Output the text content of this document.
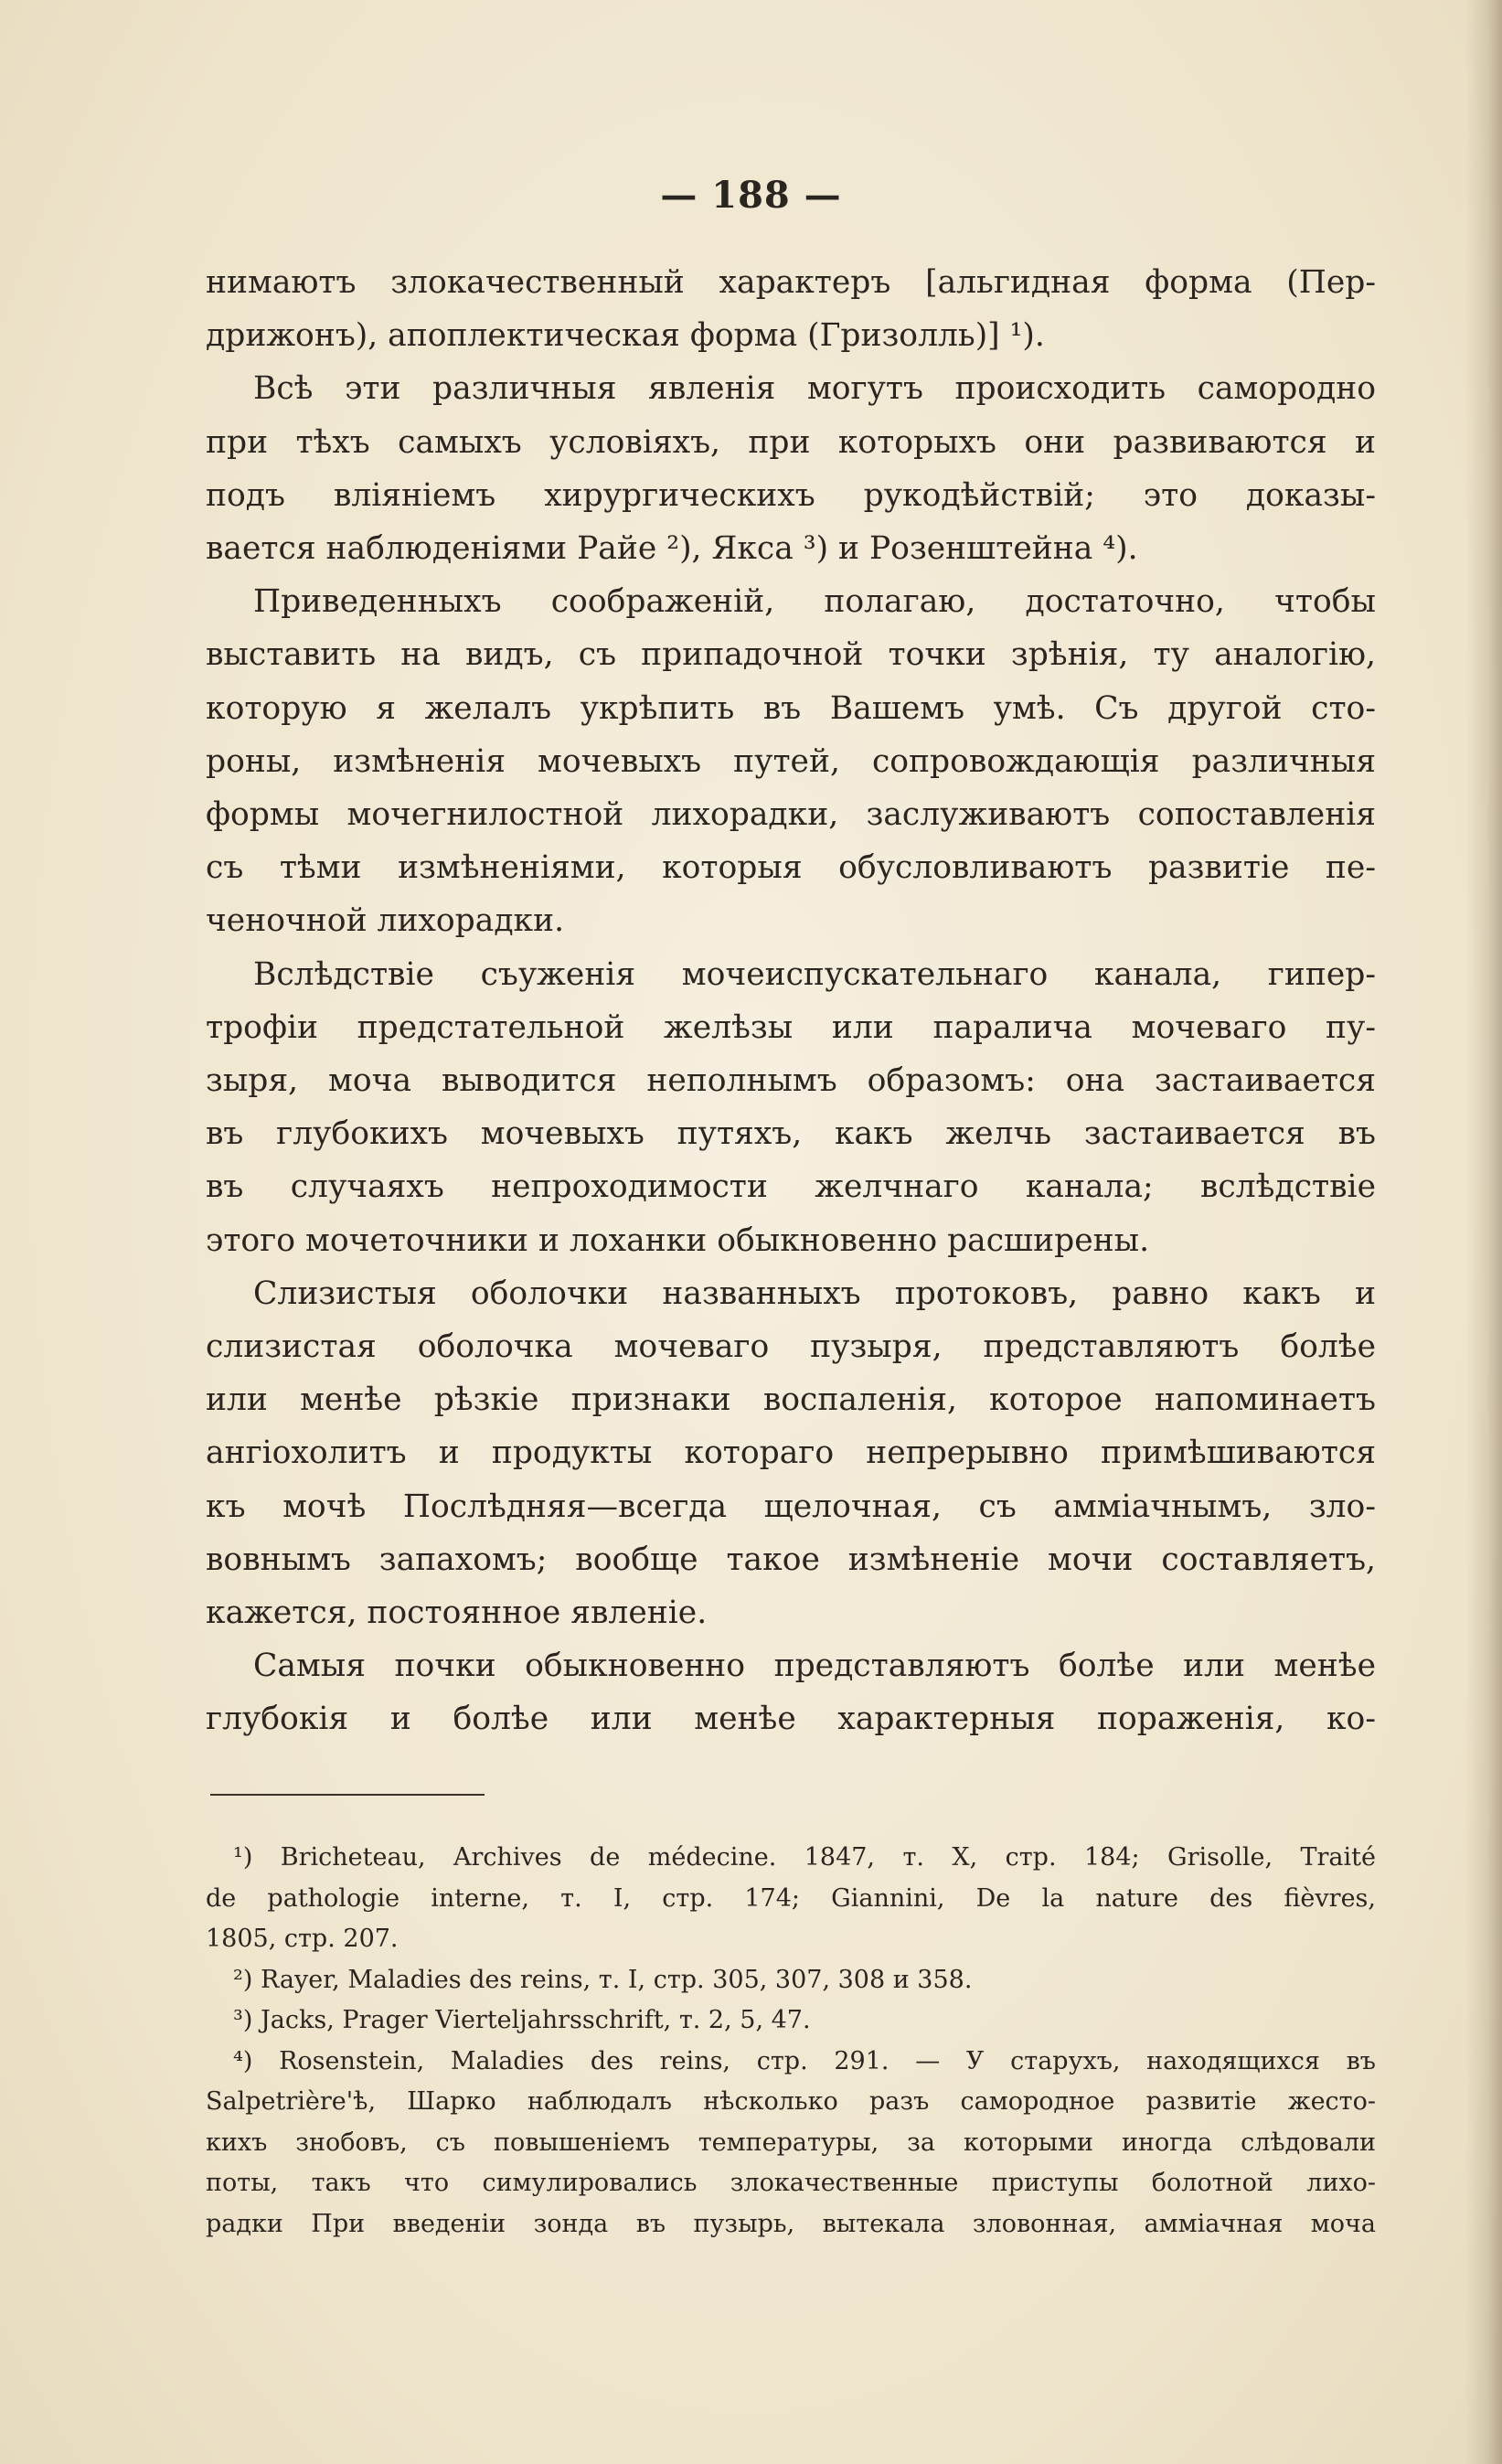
— 188 —

нимаютъ злокачественный характеръ [альгидная форма (Пер-

дрижонъ), апоплектическая форма (Гризолль)] ¹).

Всѣ эти различныя явленія могутъ происходить самородно

при тѣхъ самыхъ условіяхъ, при которыхъ они развиваются и

подъ вліяніемъ хирургическихъ рукодѣйствій; это доказы-

вается наблюденіями Райе ²), Якса ³) и Розенштейна ⁴).

Приведенныхъ соображеній, полагаю, достаточно, чтобы

выставить на видъ, съ припадочной точки зрѣнія, ту аналогію,

которую я желалъ укрѣпить въ Вашемъ умѣ. Съ другой сто-

роны, измѣненія мочевыхъ путей, сопровождающія различныя

формы мочегнилостной лихорадки, заслуживаютъ сопоставленія

съ тѣми измѣненіями, которыя обусловливаютъ развитіе пе-

ченочной лихорадки.

Вслѣдствіе съуженія мочеиспускательнаго канала, гипер-

трофіи предстательной желѣзы или паралича мочеваго пу-

зыря, моча выводится неполнымъ образомъ: она застаивается

въ глубокихъ мочевыхъ путяхъ, какъ желчь застаивается въ

въ случаяхъ непроходимости желчнаго канала; вслѣдствіе

этого мочеточники и лоханки обыкновенно расширены.

Слизистыя оболочки названныхъ протоковъ, равно какъ и

слизистая оболочка мочеваго пузыря, представляютъ болѣе

или менѣе рѣзкіе признаки воспаленія, которое напоминаетъ

ангіохолитъ и продукты котораго непрерывно примѣшиваются

къ мочѣ Послѣдняя—всегда щелочная, съ амміачнымъ, зло-

вовнымъ запахомъ; вообще такое измѣненіе мочи составляетъ,

кажется, постоянное явленіе.

Самыя почки обыкновенно представляютъ болѣе или менѣе

глубокія и болѣе или менѣе характерныя пораженія, ко-

¹) Bricheteau, Archives de médecine. 1847, т. X, стр. 184; Grisolle, Traité

de pathologie interne, т. I, стр. 174; Giannini, De la nature des fièvres,

1805, стр. 207.

²) Rayer, Maladies des reins, т. I, стр. 305, 307, 308 и 358.

³) Jacks, Prager Vierteljahrsschrift, т. 2, 5, 47.

⁴) Rosenstein, Maladies des reins, стр. 291. — У старухъ, находящихся въ

Salpetrière'ѣ, Шарко наблюдалъ нѣсколько разъ самородное развитіе жесто-

кихъ знобовъ, съ повышеніемъ температуры, за которыми иногда слѣдовали

поты, такъ что симулировались злокачественные приступы болотной лихо-

радки При введеніи зонда въ пузырь, вытекала зловонная, амміачная моча
